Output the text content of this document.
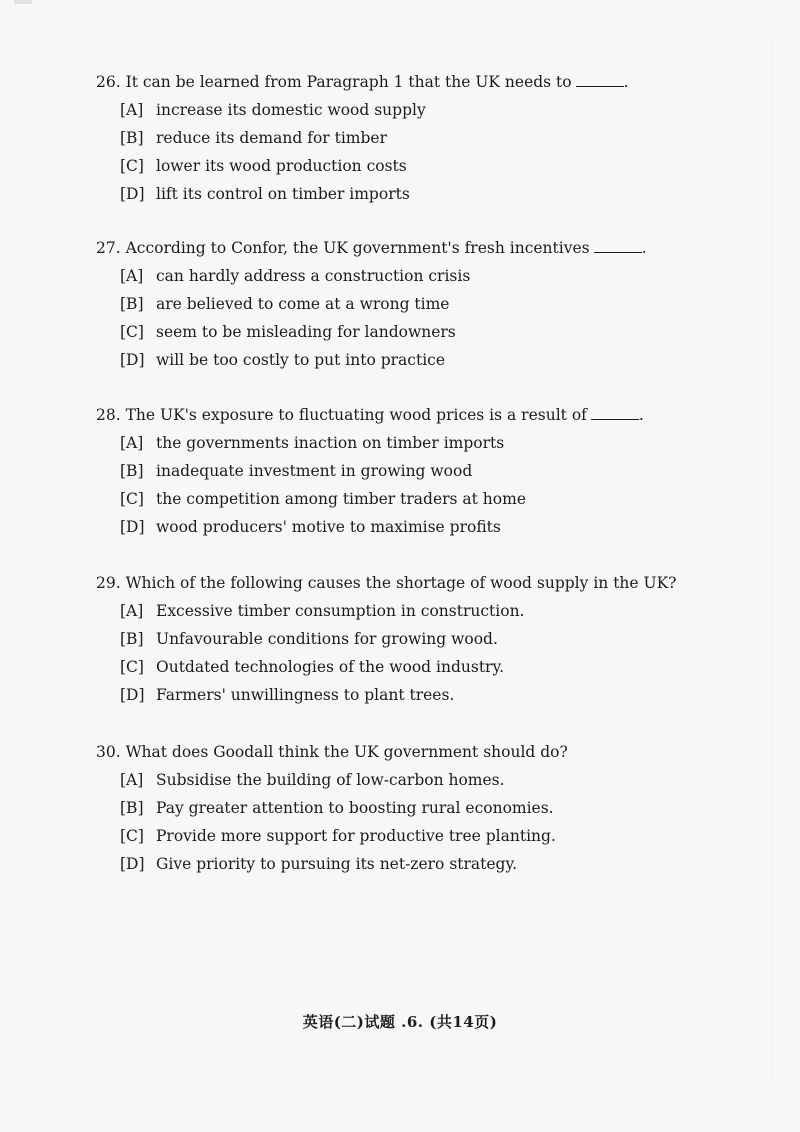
26. It can be learned from Paragraph 1 that the UK needs to	.
[A] increase its domestic wood supply
[B] reduce its demand for timber
[C] lower its wood production costs
[D] lift its control on timber imports
27. According to Confor, the UK government's fresh incentives	.
[A] can hardly address a construction crisis
[B] are believed to come at a wrong time
[C] seem to be misleading for landowners
[D] will be too costly to put into practice
28. The UK's exposure to fluctuating wood prices is a result of	.
[A] the governments inaction on timber imports
[B] inadequate investment in growing wood
[C] the competition among timber traders at home
[D] wood producers' motive to maximise profits
29. Which of the following causes the shortage of wood supply in the UK?
[A] Excessive timber consumption in construction.
[B] Unfavourable conditions for growing wood.
[C] Outdated technologies of the wood industry.
[D] Farmers' unwillingness to plant trees.
30. What does Goodall think the UK government should do?
[A] Subsidise the building of low-carbon homes.
[B] Pay greater attention to boosting rural economies.
[C] Provide more support for productive tree planting.
[D] Give priority to pursuing its net-zero strategy.
英语(二)试题 .6. (共14页)
